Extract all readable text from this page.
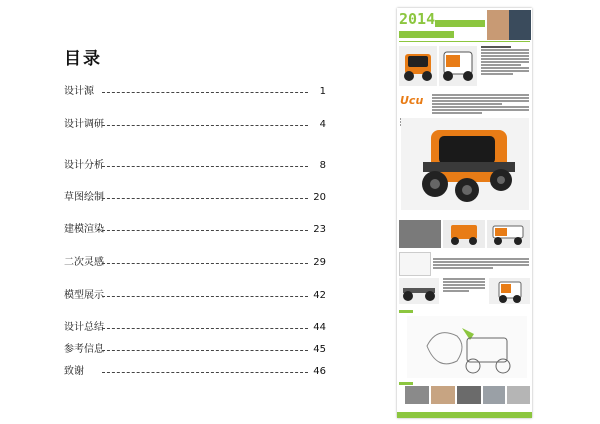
目录
设计源	1
设计调研	4
设计分析	8
草图绘制	20
建模渲染	23
二次灵感	29
模型展示	42
设计总结	44
参考信息	45
致谢	46
2014
Ucu
